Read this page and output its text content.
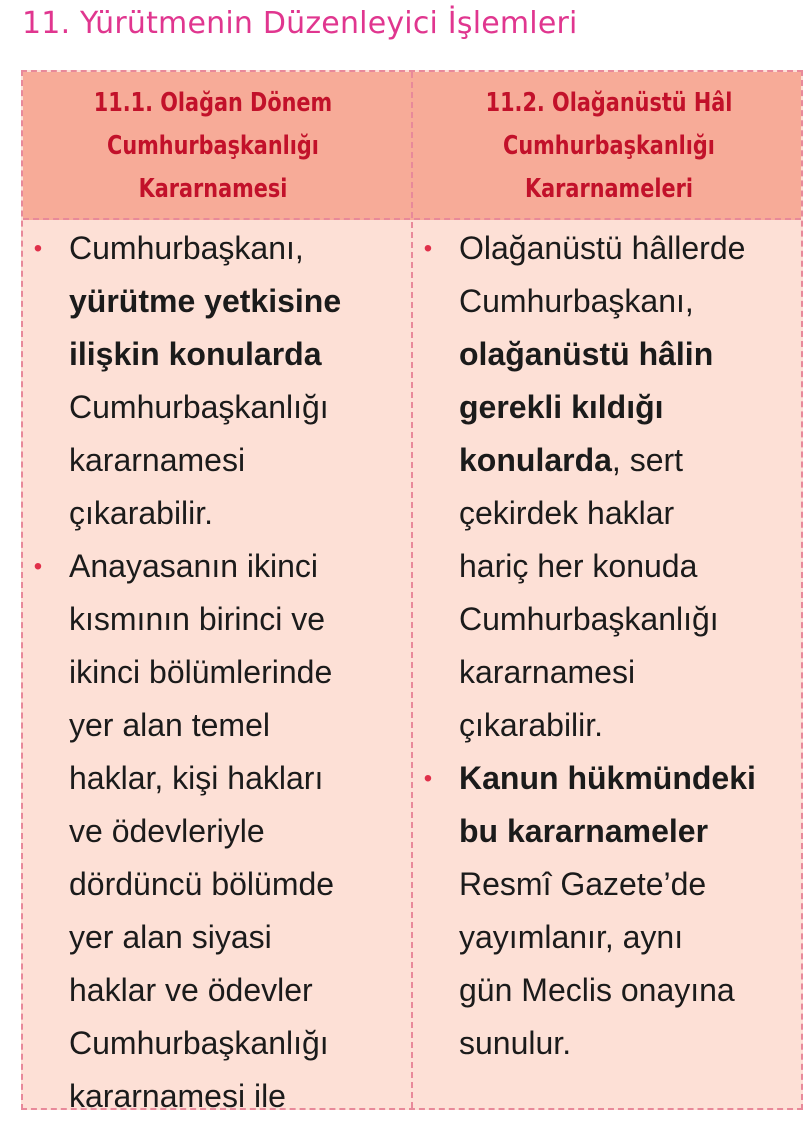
11. Yürütmenin Düzenleyici İşlemleri
11.1. Olağan Dönem
Cumhurbaşkanlığı
Kararnamesi
11.2. Olağanüstü Hâl
Cumhurbaşkanlığı
Kararnameleri
• Cumhurbaşkanı,
yürütme yetkisine
ilişkin konularda
Cumhurbaşkanlığı
kararnamesi
çıkarabilir.
• Anayasanın ikinci
kısmının birinci ve
ikinci bölümlerinde
yer alan temel
haklar, kişi hakları
ve ödevleriyle
dördüncü bölümde
yer alan siyasi
haklar ve ödevler
Cumhurbaşkanlığı
kararnamesi ile
• Olağanüstü hâllerde
Cumhurbaşkanı,
olağanüstü hâlin
gerekli kıldığı
konularda, sert
çekirdek haklar
hariç her konuda
Cumhurbaşkanlığı
kararnamesi
çıkarabilir.
• Kanun hükmündeki
bu kararnameler
Resmî Gazete’de
yayımlanır, aynı
gün Meclis onayına
sunulur.
